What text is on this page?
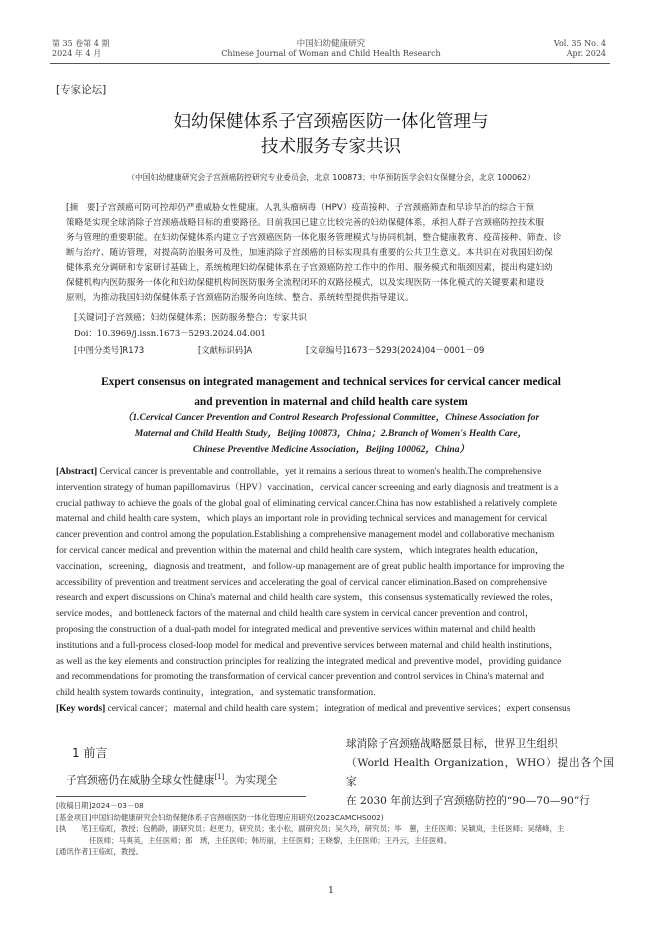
第 35 卷第 4 期
2024 年 4 月
中国妇幼健康研究
Chinese Journal of Woman and Child Health Research
Vol. 35 No. 4
Apr. 2024
[专家论坛]
妇幼保健体系子宫颈癌医防一体化管理与
技术服务专家共识
（中国妇幼健康研究会子宫颈癌防控研究专业委员会，北京 100873；中华预防医学会妇女保健分会，北京 100062）

[摘　要]子宫颈癌可防可控却仍严重威胁女性健康。人乳头瘤病毒（HPV）疫苗接种、子宫颈癌筛查和早诊早治的综合干预

策略是实现全球消除子宫颈癌战略目标的重要路径。目前我国已建立比较完善的妇幼保健体系，承担人群子宫颈癌防控技术服

务与管理的重要职能。在妇幼保健体系内建立子宫颈癌医防一体化服务管理模式与协同机制，整合健康教育、疫苗接种、筛查、诊

断与治疗、随访管理，对提高防治服务可及性，加速消除子宫颈癌的目标实现具有重要的公共卫生意义。本共识在对我国妇幼保

健体系充分调研和专家研讨基础上，系统梳理妇幼保健体系在子宫颈癌防控工作中的作用、服务模式和瓶颈因素，提出构建妇幼

保健机构内医防服务一体化和妇幼保健机构间医防服务全流程闭环的双路径模式，以及实现医防一体化模式的关键要素和建设

原则，为推动我国妇幼保健体系子宫颈癌防治服务向连续、整合、系统转型提供指导建议。

[关键词]子宫颈癌；妇幼保健体系；医防服务整合；专家共识
Doi：10.3969/j.issn.1673－5293.2024.04.001
[中图分类号]R173	[文献标识码]A	[文章编号]1673－5293(2024)04－0001－09
Expert consensus on integrated management and technical services for cervical cancer medical
and prevention in maternal and child health care system
（1.Cervical Cancer Prevention and Control Research Professional Committee，Chinese Association for
Maternal and Child Health Study，Beijing 100873，China；2.Branch of Women's Health Care，
Chinese Preventive Medicine Association，Beijing 100062，China）
[Abstract] Cervical cancer is preventable and controllable，yet it remains a serious threat to women's health.The comprehensive
intervention strategy of human papillomavirus（HPV）vaccination，cervical cancer screening and early diagnosis and treatment is a
crucial pathway to achieve the goals of the global goal of eliminating cervical cancer.China has now established a relatively complete
maternal and child health care system，which plays an important role in providing technical services and management for cervical
cancer prevention and control among the population.Establishing a comprehensive management model and collaborative mechanism
for cervical cancer medical and prevention within the maternal and child health care system，which integrates health education，
vaccination，screening，diagnosis and treatment，and follow-up management are of great public health importance for improving the
accessibility of prevention and treatment services and accelerating the goal of cervical cancer elimination.Based on comprehensive
research and expert discussions on China's maternal and child health care system，this consensus systematically reviewed the roles，
service modes，and bottleneck factors of the maternal and child health care system in cervical cancer prevention and control，
proposing the construction of a dual-path model for integrated medical and preventive services within maternal and child health
institutions and a full-process closed-loop model for medical and preventive services between maternal and child health institutions，
as well as the key elements and construction principles for realizing the integrated medical and preventive model，providing guidance
and recommendations for promoting the transformation of cervical cancer prevention and control services in China's maternal and
child health system towards continuity，integration，and systematic transformation.
[Key words] cervical cancer；maternal and child health care system；integration of medical and preventive services；expert consensus
1 前言
子宫颈癌仍在威胁全球女性健康[1]。为实现全
球消除子宫颈癌战略愿景目标，世界卫生组织
（World Health Organization，WHO）提出各个国家
在 2030 年前达到子宫颈癌防控的“90—70—90”行
[收稿日期]2024－03－08
[基金项目]中国妇幼健康研究会妇幼保健体系子宫颈癌医防一体化管理应用研究(2023CAMCHS002)
[执　　笔]王临虹，教授；包鹤龄，副研究员；赵更力，研究员；张小松，副研究员；吴久玲，研究员；毕　蕙，主任医师；吴颖岚，主任医师；吴绪峰，主
任医师；马爽英，主任医师；郎　琇，主任医师；韩历丽，主任医师；王晓黎，主任医师；王丹云，主任医师。
[通讯作者]王临虹，教授。
1
